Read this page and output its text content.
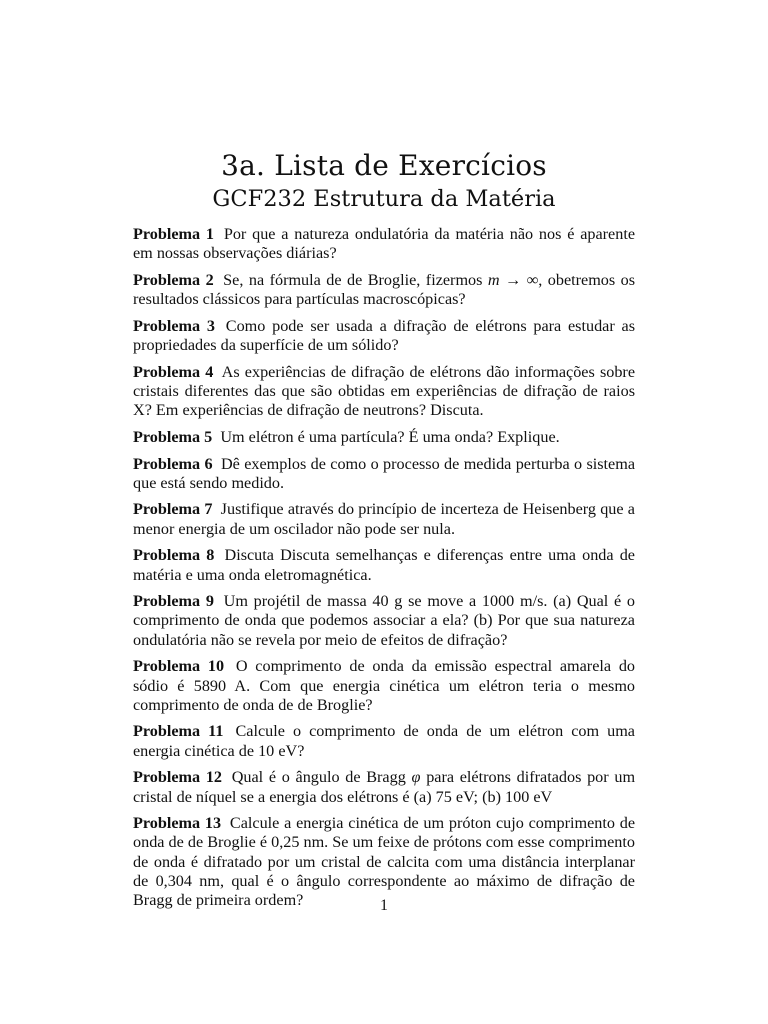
3a. Lista de Exercícios
GCF232 Estrutura da Matéria

Problema 1 Por que a natureza ondulatória da matéria não nos é aparente em nossas observações diárias?

Problema 2 Se, na fórmula de de Broglie, fizermos m → ∞, obetremos os resultados clássicos para partículas macroscópicas?

Problema 3 Como pode ser usada a difração de elétrons para estudar as propriedades da superfície de um sólido?

Problema 4 As experiências de difração de elétrons dão informações sobre cristais diferentes das que são obtidas em experiências de difração de raios X? Em experiências de difração de neutrons? Discuta.

Problema 5 Um elétron é uma partícula? É uma onda? Explique.

Problema 6 Dê exemplos de como o processo de medida perturba o sistema que está sendo medido.

Problema 7 Justifique através do princípio de incerteza de Heisenberg que a menor energia de um oscilador não pode ser nula.

Problema 8 Discuta Discuta semelhanças e diferenças entre uma onda de matéria e uma onda eletromagnética.

Problema 9 Um projétil de massa 40 g se move a 1000 m/s. (a) Qual é o comprimento de onda que podemos associar a ela? (b) Por que sua natureza ondulatória não se revela por meio de efeitos de difração?

Problema 10 O comprimento de onda da emissão espectral amarela do sódio é 5890 A. Com que energia cinética um elétron teria o mesmo comprimento de onda de de Broglie?

Problema 11 Calcule o comprimento de onda de um elétron com uma energia cinética de 10 eV?

Problema 12 Qual é o ângulo de Bragg φ para elétrons difratados por um cristal de níquel se a energia dos elétrons é (a) 75 eV; (b) 100 eV

Problema 13 Calcule a energia cinética de um próton cujo comprimento de onda de de Broglie é 0,25 nm. Se um feixe de prótons com esse comprimento de onda é difratado por um cristal de calcita com uma distância interplanar de 0,304 nm, qual é o ângulo correspondente ao máximo de difração de Bragg de primeira ordem?	1
